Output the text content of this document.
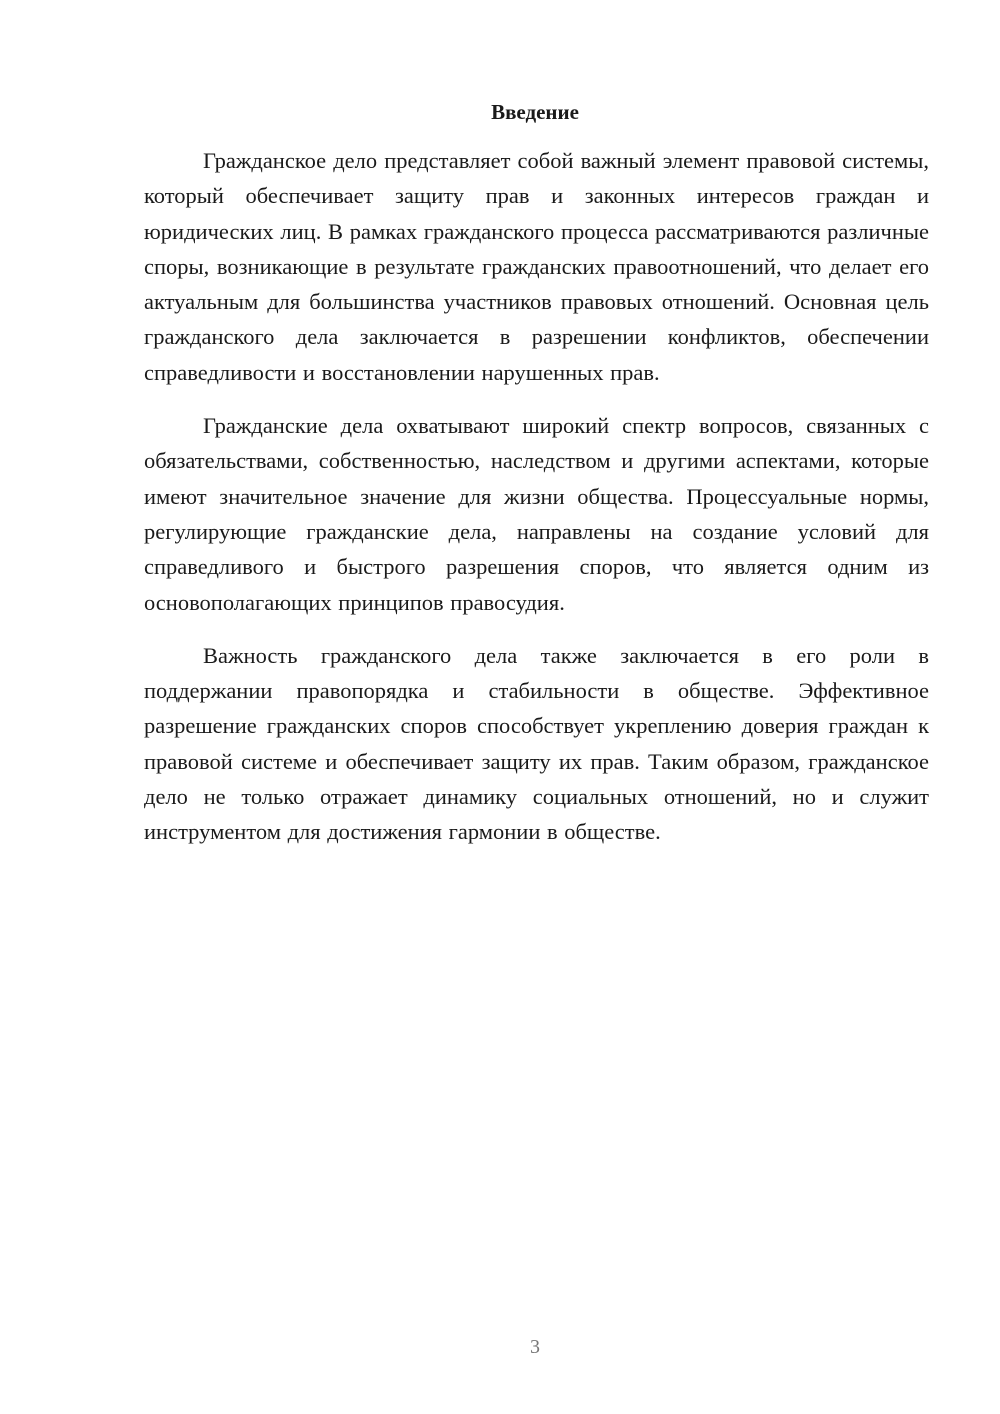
Введение

Гражданское дело представляет собой важный элемент правовой системы, который обеспечивает защиту прав и законных интересов граждан и юридических лиц. В рамках гражданского процесса рассматриваются различные споры, возникающие в результате гражданских правоотношений, что делает его актуальным для большинства участников правовых отношений. Основная цель гражданского дела заключается в разрешении конфликтов, обеспечении справедливости и восстановлении нарушенных прав.

Гражданские дела охватывают широкий спектр вопросов, связанных с обязательствами, собственностью, наследством и другими аспектами, которые имеют значительное значение для жизни общества. Процессуальные нормы, регулирующие гражданские дела, направлены на создание условий для справедливого и быстрого разрешения споров, что является одним из основополагающих принципов правосудия.

Важность гражданского дела также заключается в его роли в поддержании правопорядка и стабильности в обществе. Эффективное разрешение гражданских споров способствует укреплению доверия граждан к правовой системе и обеспечивает защиту их прав. Таким образом, гражданское дело не только отражает динамику социальных отношений, но и служит инструментом для достижения гармонии в обществе.

3
